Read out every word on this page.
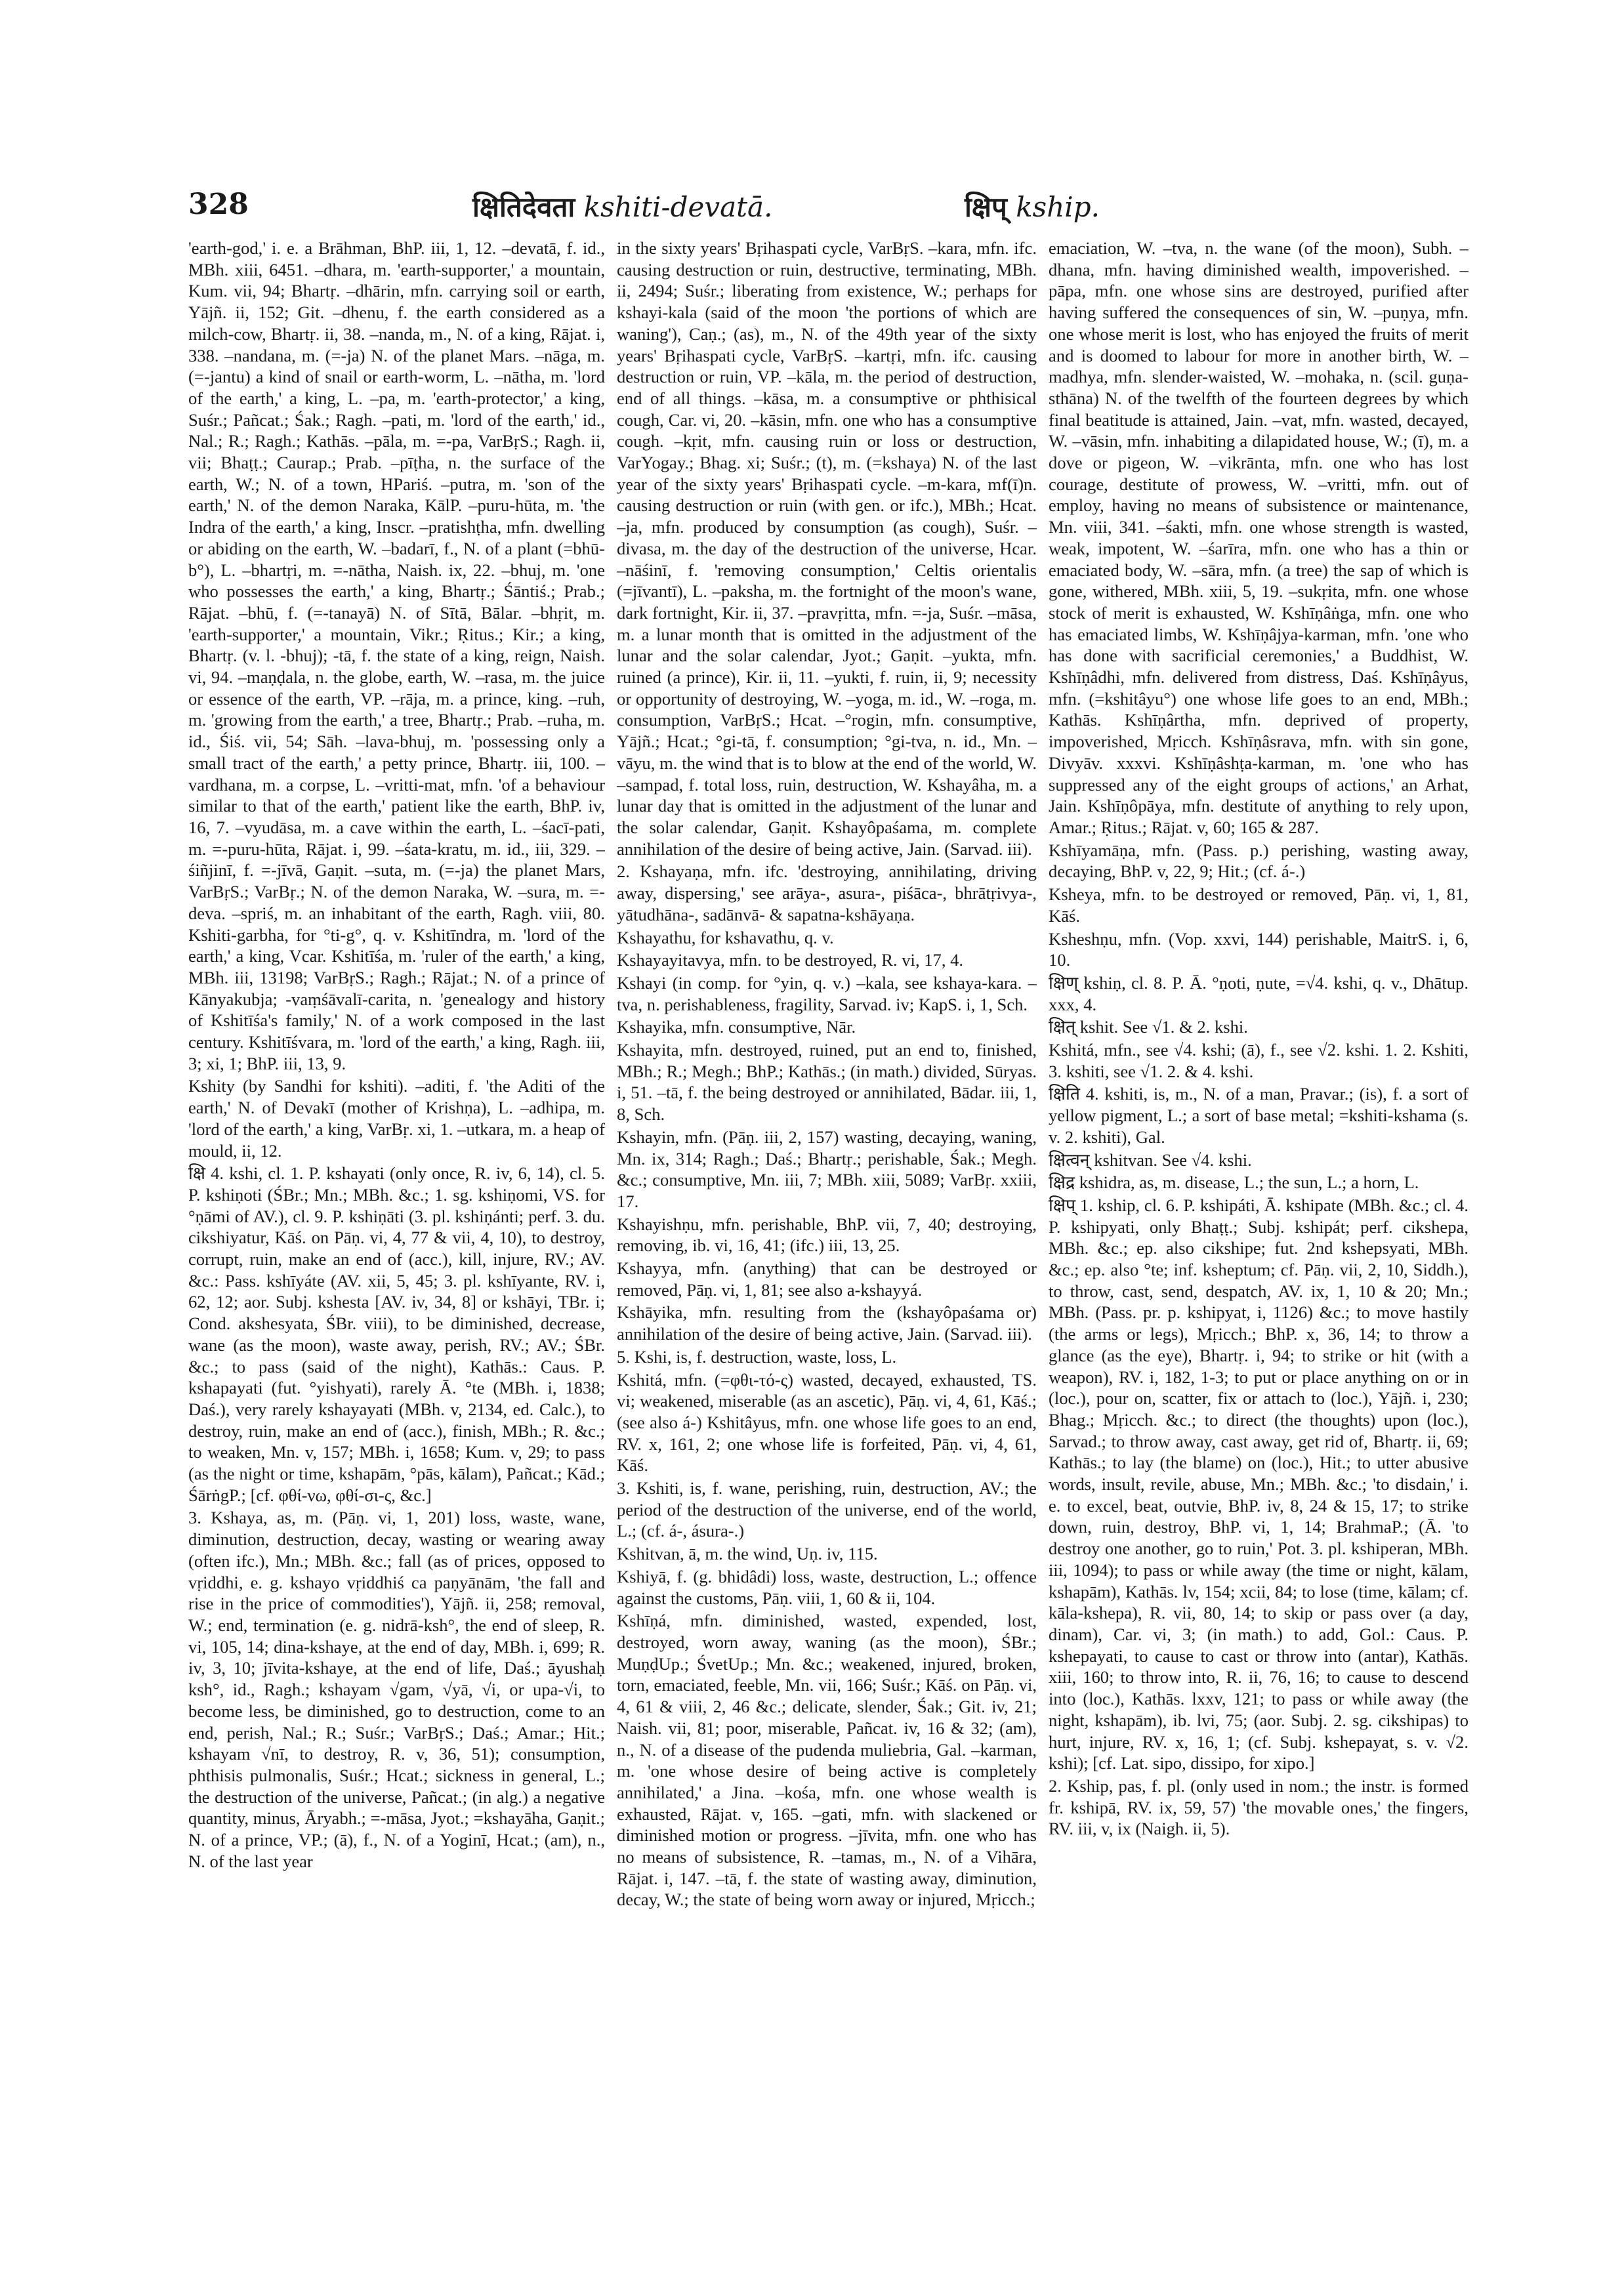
328	क्षितिदेवता kshiti-devatā.	क्षिप् kship.

'earth-god,' i. e. a Brāhman, BhP. iii, 1, 12. –devatā, f. id., MBh. xiii, 6451. –dhara, m. 'earth-supporter,' a mountain, Kum. vii, 94; Bhartṛ. –dhārin, mfn. carrying soil or earth, Yājñ. ii, 152; Git. –dhenu, f. the earth considered as a milch-cow, Bhartṛ. ii, 38. –nanda, m., N. of a king, Rājat. i, 338. –nandana, m. (=-ja) N. of the planet Mars. –nāga, m. (=-jantu) a kind of snail or earth-worm, L. –nātha, m. 'lord of the earth,' a king, L. –pa, m. 'earth-protector,' a king, Suśr.; Pañcat.; Śak.; Ragh. –pati, m. 'lord of the earth,' id., Nal.; R.; Ragh.; Kathās. –pāla, m. =-pa, VarBṛS.; Ragh. ii, vii; Bhaṭṭ.; Caurap.; Prab. –pīṭha, n. the surface of the earth, W.; N. of a town, HPariś. –putra, m. 'son of the earth,' N. of the demon Naraka, KālP. –puru-hūta, m. 'the Indra of the earth,' a king, Inscr. –pratishṭha, mfn. dwelling or abiding on the earth, W. –badarī, f., N. of a plant (=bhū-b°), L. –bhartṛi, m. =-nātha, Naish. ix, 22. –bhuj, m. 'one who possesses the earth,' a king, Bhartṛ.; Śāntiś.; Prab.; Rājat. –bhū, f. (=-tanayā) N. of Sītā, Bālar. –bhṛit, m. 'earth-supporter,' a mountain, Vikr.; Ṛitus.; Kir.; a king, Bhartṛ. (v. l. -bhuj); -tā, f. the state of a king, reign, Naish. vi, 94. –maṇḍala, n. the globe, earth, W. –rasa, m. the juice or essence of the earth, VP. –rāja, m. a prince, king. –ruh, m. 'growing from the earth,' a tree, Bhartṛ.; Prab. –ruha, m. id., Śiś. vii, 54; Sāh. –lava-bhuj, m. 'possessing only a small tract of the earth,' a petty prince, Bhartṛ. iii, 100. –vardhana, m. a corpse, L. –vritti-mat, mfn. 'of a behaviour similar to that of the earth,' patient like the earth, BhP. iv, 16, 7. –vyudāsa, m. a cave within the earth, L. –śacī-pati, m. =-puru-hūta, Rājat. i, 99. –śata-kratu, m. id., iii, 329. –śiñjinī, f. =-jīvā, Gaṇit. –suta, m. (=-ja) the planet Mars, VarBṛS.; VarBṛ.; N. of the demon Naraka, W. –sura, m. =-deva. –spriś, m. an inhabitant of the earth, Ragh. viii, 80. Kshiti-garbha, for °ti-g°, q. v. Kshitīndra, m. 'lord of the earth,' a king, Vcar. Kshitīśa, m. 'ruler of the earth,' a king, MBh. iii, 13198; VarBṛS.; Ragh.; Rājat.; N. of a prince of Kānyakubja; -vaṃśāvalī-carita, n. 'genealogy and history of Kshitīśa's family,' N. of a work composed in the last century. Kshitīśvara, m. 'lord of the earth,' a king, Ragh. iii, 3; xi, 1; BhP. iii, 13, 9.

Kshity (by Sandhi for kshiti). –aditi, f. 'the Aditi of the earth,' N. of Devakī (mother of Krishṇa), L. –adhipa, m. 'lord of the earth,' a king, VarBṛ. xi, 1. –utkara, m. a heap of mould, ii, 12.

क्षि 4. kshi, cl. 1. P. kshayati (only once, R. iv, 6, 14), cl. 5. P. kshiṇoti (ŚBr.; Mn.; MBh. &c.; 1. sg. kshiṇomi, VS. for °ṇāmi of AV.), cl. 9. P. kshiṇāti (3. pl. kshiṇánti; perf. 3. du. cikshiyatur, Kāś. on Pāṇ. vi, 4, 77 & vii, 4, 10), to destroy, corrupt, ruin, make an end of (acc.), kill, injure, RV.; AV. &c.: Pass. kshīyáte (AV. xii, 5, 45; 3. pl. kshīyante, RV. i, 62, 12; aor. Subj. kshesta [AV. iv, 34, 8] or kshāyi, TBr. i; Cond. akshesyata, ŚBr. viii), to be diminished, decrease, wane (as the moon), waste away, perish, RV.; AV.; ŚBr. &c.; to pass (said of the night), Kathās.: Caus. P. kshapayati (fut. °yishyati), rarely Ā. °te (MBh. i, 1838; Daś.), very rarely kshayayati (MBh. v, 2134, ed. Calc.), to destroy, ruin, make an end of (acc.), finish, MBh.; R. &c.; to weaken, Mn. v, 157; MBh. i, 1658; Kum. v, 29; to pass (as the night or time, kshapām, °pās, kālam), Pañcat.; Kād.; ŚārṅgP.; [cf. φθί-νω, φθί-σι-ς, &c.]

3. Kshaya, as, m. (Pāṇ. vi, 1, 201) loss, waste, wane, diminution, destruction, decay, wasting or wearing away (often ifc.), Mn.; MBh. &c.; fall (as of prices, opposed to vṛiddhi, e. g. kshayo vṛiddhiś ca paṇyānām, 'the fall and rise in the price of commodities'), Yājñ. ii, 258; removal, W.; end, termination (e. g. nidrā-ksh°, the end of sleep, R. vi, 105, 14; dina-kshaye, at the end of day, MBh. i, 699; R. iv, 3, 10; jīvita-kshaye, at the end of life, Daś.; āyushaḥ ksh°, id., Ragh.; kshayam √gam, √yā, √i, or upa-√i, to become less, be diminished, go to destruction, come to an end, perish, Nal.; R.; Suśr.; VarBṛS.; Daś.; Amar.; Hit.; kshayam √nī, to destroy, R. v, 36, 51); consumption, phthisis pulmonalis, Suśr.; Hcat.; sickness in general, L.; the destruction of the universe, Pañcat.; (in alg.) a negative quantity, minus, Āryabh.; =-māsa, Jyot.; =kshayāha, Gaṇit.; N. of a prince, VP.; (ā), f., N. of a Yoginī, Hcat.; (am), n., N. of the last year

in the sixty years' Bṛihaspati cycle, VarBṛS. –kara, mfn. ifc. causing destruction or ruin, destructive, terminating, MBh. ii, 2494; Suśr.; liberating from existence, W.; perhaps for kshayi-kala (said of the moon 'the portions of which are waning'), Caṇ.; (as), m., N. of the 49th year of the sixty years' Bṛihaspati cycle, VarBṛS. –kartṛi, mfn. ifc. causing destruction or ruin, VP. –kāla, m. the period of destruction, end of all things. –kāsa, m. a consumptive or phthisical cough, Car. vi, 20. –kāsin, mfn. one who has a consumptive cough. –kṛit, mfn. causing ruin or loss or destruction, VarYogay.; Bhag. xi; Suśr.; (t), m. (=kshaya) N. of the last year of the sixty years' Bṛihaspati cycle. –m-kara, mf(ī)n. causing destruction or ruin (with gen. or ifc.), MBh.; Hcat. –ja, mfn. produced by consumption (as cough), Suśr. –divasa, m. the day of the destruction of the universe, Hcar. –nāśinī, f. 'removing consumption,' Celtis orientalis (=jīvantī), L. –paksha, m. the fortnight of the moon's wane, dark fortnight, Kir. ii, 37. –pravṛitta, mfn. =-ja, Suśr. –māsa, m. a lunar month that is omitted in the adjustment of the lunar and the solar calendar, Jyot.; Gaṇit. –yukta, mfn. ruined (a prince), Kir. ii, 11. –yukti, f. ruin, ii, 9; necessity or opportunity of destroying, W. –yoga, m. id., W. –roga, m. consumption, VarBṛS.; Hcat. –°rogin, mfn. consumptive, Yājñ.; Hcat.; °gi-tā, f. consumption; °gi-tva, n. id., Mn. –vāyu, m. the wind that is to blow at the end of the world, W. –sampad, f. total loss, ruin, destruction, W. Kshayâha, m. a lunar day that is omitted in the adjustment of the lunar and the solar calendar, Gaṇit. Kshayôpaśama, m. complete annihilation of the desire of being active, Jain. (Sarvad. iii).

2. Kshayaṇa, mfn. ifc. 'destroying, annihilating, driving away, dispersing,' see arāya-, asura-, piśāca-, bhrātṛivya-, yātudhāna-, sadānvā- & sapatna-kshāyaṇa.

Kshayathu, for kshavathu, q. v.

Kshayayitavya, mfn. to be destroyed, R. vi, 17, 4.

Kshayi (in comp. for °yin, q. v.) –kala, see kshaya-kara. –tva, n. perishableness, fragility, Sarvad. iv; KapS. i, 1, Sch.

Kshayika, mfn. consumptive, Nār.

Kshayita, mfn. destroyed, ruined, put an end to, finished, MBh.; R.; Megh.; BhP.; Kathās.; (in math.) divided, Sūryas. i, 51. –tā, f. the being destroyed or annihilated, Bādar. iii, 1, 8, Sch.

Kshayin, mfn. (Pāṇ. iii, 2, 157) wasting, decaying, waning, Mn. ix, 314; Ragh.; Daś.; Bhartṛ.; perishable, Śak.; Megh. &c.; consumptive, Mn. iii, 7; MBh. xiii, 5089; VarBṛ. xxiii, 17.

Kshayishṇu, mfn. perishable, BhP. vii, 7, 40; destroying, removing, ib. vi, 16, 41; (ifc.) iii, 13, 25.

Kshayya, mfn. (anything) that can be destroyed or removed, Pāṇ. vi, 1, 81; see also a-kshayyá.

Kshāyika, mfn. resulting from the (kshayôpaśama or) annihilation of the desire of being active, Jain. (Sarvad. iii).

5. Kshi, is, f. destruction, waste, loss, L.

Kshitá, mfn. (=φθι-τό-ς) wasted, decayed, exhausted, TS. vi; weakened, miserable (as an ascetic), Pāṇ. vi, 4, 61, Kāś.; (see also á-) Kshitâyus, mfn. one whose life goes to an end, RV. x, 161, 2; one whose life is forfeited, Pāṇ. vi, 4, 61, Kāś.

3. Kshiti, is, f. wane, perishing, ruin, destruction, AV.; the period of the destruction of the universe, end of the world, L.; (cf. á-, ásura-.)

Kshitvan, ā, m. the wind, Uṇ. iv, 115.

Kshiyā, f. (g. bhidâdi) loss, waste, destruction, L.; offence against the customs, Pāṇ. viii, 1, 60 & ii, 104.

Kshīṇá, mfn. diminished, wasted, expended, lost, destroyed, worn away, waning (as the moon), ŚBr.; MuṇḍUp.; ŚvetUp.; Mn. &c.; weakened, injured, broken, torn, emaciated, feeble, Mn. vii, 166; Suśr.; Kāś. on Pāṇ. vi, 4, 61 & viii, 2, 46 &c.; delicate, slender, Śak.; Git. iv, 21; Naish. vii, 81; poor, miserable, Pañcat. iv, 16 & 32; (am), n., N. of a disease of the pudenda muliebria, Gal. –karman, m. 'one whose desire of being active is completely annihilated,' a Jina. –kośa, mfn. one whose wealth is exhausted, Rājat. v, 165. –gati, mfn. with slackened or diminished motion or progress. –jīvita, mfn. one who has no means of subsistence, R. –tamas, m., N. of a Vihāra, Rājat. i, 147. –tā, f. the state of wasting away, diminution, decay, W.; the state of being worn away or injured, Mṛicch.;

emaciation, W. –tva, n. the wane (of the moon), Subh. –dhana, mfn. having diminished wealth, impoverished. –pāpa, mfn. one whose sins are destroyed, purified after having suffered the consequences of sin, W. –puṇya, mfn. one whose merit is lost, who has enjoyed the fruits of merit and is doomed to labour for more in another birth, W. –madhya, mfn. slender-waisted, W. –mohaka, n. (scil. guṇa-sthāna) N. of the twelfth of the fourteen degrees by which final beatitude is attained, Jain. –vat, mfn. wasted, decayed, W. –vāsin, mfn. inhabiting a dilapidated house, W.; (ī), m. a dove or pigeon, W. –vikrānta, mfn. one who has lost courage, destitute of prowess, W. –vritti, mfn. out of employ, having no means of subsistence or maintenance, Mn. viii, 341. –śakti, mfn. one whose strength is wasted, weak, impotent, W. –śarīra, mfn. one who has a thin or emaciated body, W. –sāra, mfn. (a tree) the sap of which is gone, withered, MBh. xiii, 5, 19. –sukṛita, mfn. one whose stock of merit is exhausted, W. Kshīṇâṅga, mfn. one who has emaciated limbs, W. Kshīṇâjya-karman, mfn. 'one who has done with sacrificial ceremonies,' a Buddhist, W. Kshīṇâdhi, mfn. delivered from distress, Daś. Kshīṇâyus, mfn. (=kshitâyu°) one whose life goes to an end, MBh.; Kathās. Kshīṇârtha, mfn. deprived of property, impoverished, Mṛicch. Kshīṇâsrava, mfn. with sin gone, Divyāv. xxxvi. Kshīṇâshṭa-karman, m. 'one who has suppressed any of the eight groups of actions,' an Arhat, Jain. Kshīṇôpāya, mfn. destitute of anything to rely upon, Amar.; Ṛitus.; Rājat. v, 60; 165 & 287.

Kshīyamāṇa, mfn. (Pass. p.) perishing, wasting away, decaying, BhP. v, 22, 9; Hit.; (cf. á-.)

Ksheya, mfn. to be destroyed or removed, Pāṇ. vi, 1, 81, Kāś.

Ksheshṇu, mfn. (Vop. xxvi, 144) perishable, MaitrS. i, 6, 10.

क्षिण् kshiṇ, cl. 8. P. Ā. °ṇoti, ṇute, =√4. kshi, q. v., Dhātup. xxx, 4.

क्षित् kshit. See √1. & 2. kshi.

Kshitá, mfn., see √4. kshi; (ā), f., see √2. kshi. 1. 2. Kshiti, 3. kshiti, see √1. 2. & 4. kshi.

क्षिति 4. kshiti, is, m., N. of a man, Pravar.; (is), f. a sort of yellow pigment, L.; a sort of base metal; =kshiti-kshama (s. v. 2. kshiti), Gal.

क्षित्वन् kshitvan. See √4. kshi.

क्षिद्र kshidra, as, m. disease, L.; the sun, L.; a horn, L.

क्षिप् 1. kship, cl. 6. P. kshipáti, Ā. kshipate (MBh. &c.; cl. 4. P. kshipyati, only Bhaṭṭ.; Subj. kshipát; perf. cikshepa, MBh. &c.; ep. also cikshipe; fut. 2nd kshepsyati, MBh. &c.; ep. also °te; inf. ksheptum; cf. Pāṇ. vii, 2, 10, Siddh.), to throw, cast, send, despatch, AV. ix, 1, 10 & 20; Mn.; MBh. (Pass. pr. p. kshipyat, i, 1126) &c.; to move hastily (the arms or legs), Mṛicch.; BhP. x, 36, 14; to throw a glance (as the eye), Bhartṛ. i, 94; to strike or hit (with a weapon), RV. i, 182, 1-3; to put or place anything on or in (loc.), pour on, scatter, fix or attach to (loc.), Yājñ. i, 230; Bhag.; Mṛicch. &c.; to direct (the thoughts) upon (loc.), Sarvad.; to throw away, cast away, get rid of, Bhartṛ. ii, 69; Kathās.; to lay (the blame) on (loc.), Hit.; to utter abusive words, insult, revile, abuse, Mn.; MBh. &c.; 'to disdain,' i. e. to excel, beat, outvie, BhP. iv, 8, 24 & 15, 17; to strike down, ruin, destroy, BhP. vi, 1, 14; BrahmaP.; (Ā. 'to destroy one another, go to ruin,' Pot. 3. pl. kshiperan, MBh. iii, 1094); to pass or while away (the time or night, kālam, kshapām), Kathās. lv, 154; xcii, 84; to lose (time, kālam; cf. kāla-kshepa), R. vii, 80, 14; to skip or pass over (a day, dinam), Car. vi, 3; (in math.) to add, Gol.: Caus. P. kshepayati, to cause to cast or throw into (antar), Kathās. xiii, 160; to throw into, R. ii, 76, 16; to cause to descend into (loc.), Kathās. lxxv, 121; to pass or while away (the night, kshapām), ib. lvi, 75; (aor. Subj. 2. sg. cikshipas) to hurt, injure, RV. x, 16, 1; (cf. Subj. kshepayat, s. v. √2. kshi); [cf. Lat. sipo, dissipo, for xipo.]

2. Kship, pas, f. pl. (only used in nom.; the instr. is formed fr. kshipā, RV. ix, 59, 57) 'the movable ones,' the fingers, RV. iii, v, ix (Naigh. ii, 5).
